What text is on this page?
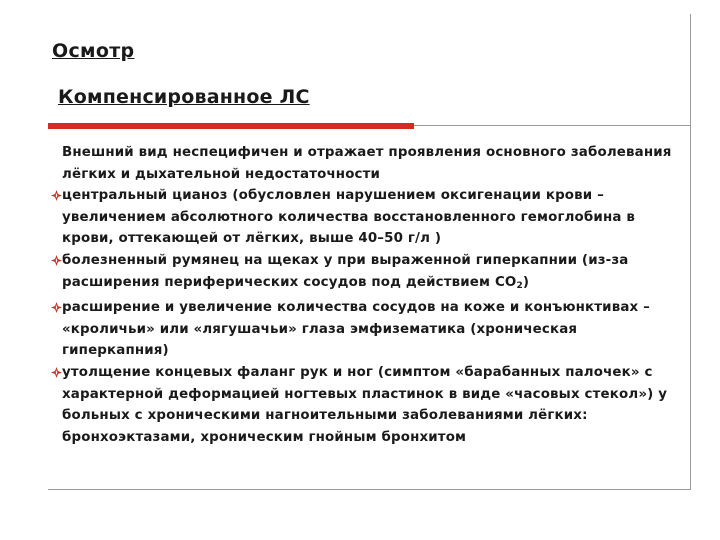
Осмотр
Компенсированное ЛС

Внешний вид неспецифичен и отражает проявления основного заболевания лёгких и дыхательной недостаточности

центральный цианоз (обусловлен нарушением оксигенации крови – увеличением абсолютного количества восстановленного гемоглобина в крови, оттекающей от лёгких, выше 40–50 г/л )

болезненный румянец на щеках у при выраженной гиперкапнии (из-за расширения периферических сосудов под действием $CO_2$)

расширение и увеличение количества сосудов на коже и конъюнктивах – «кроличьи» или «лягушачьи» глаза эмфизематика (хроническая гиперкапния)

утолщение концевых фаланг рук и ног (симптом «барабанных палочек» с характерной деформацией ногтевых пластинок в виде «часовых стекол») у больных с хроническими нагноительными заболеваниями лёгких: бронхоэктазами, хроническим гнойным бронхитом
